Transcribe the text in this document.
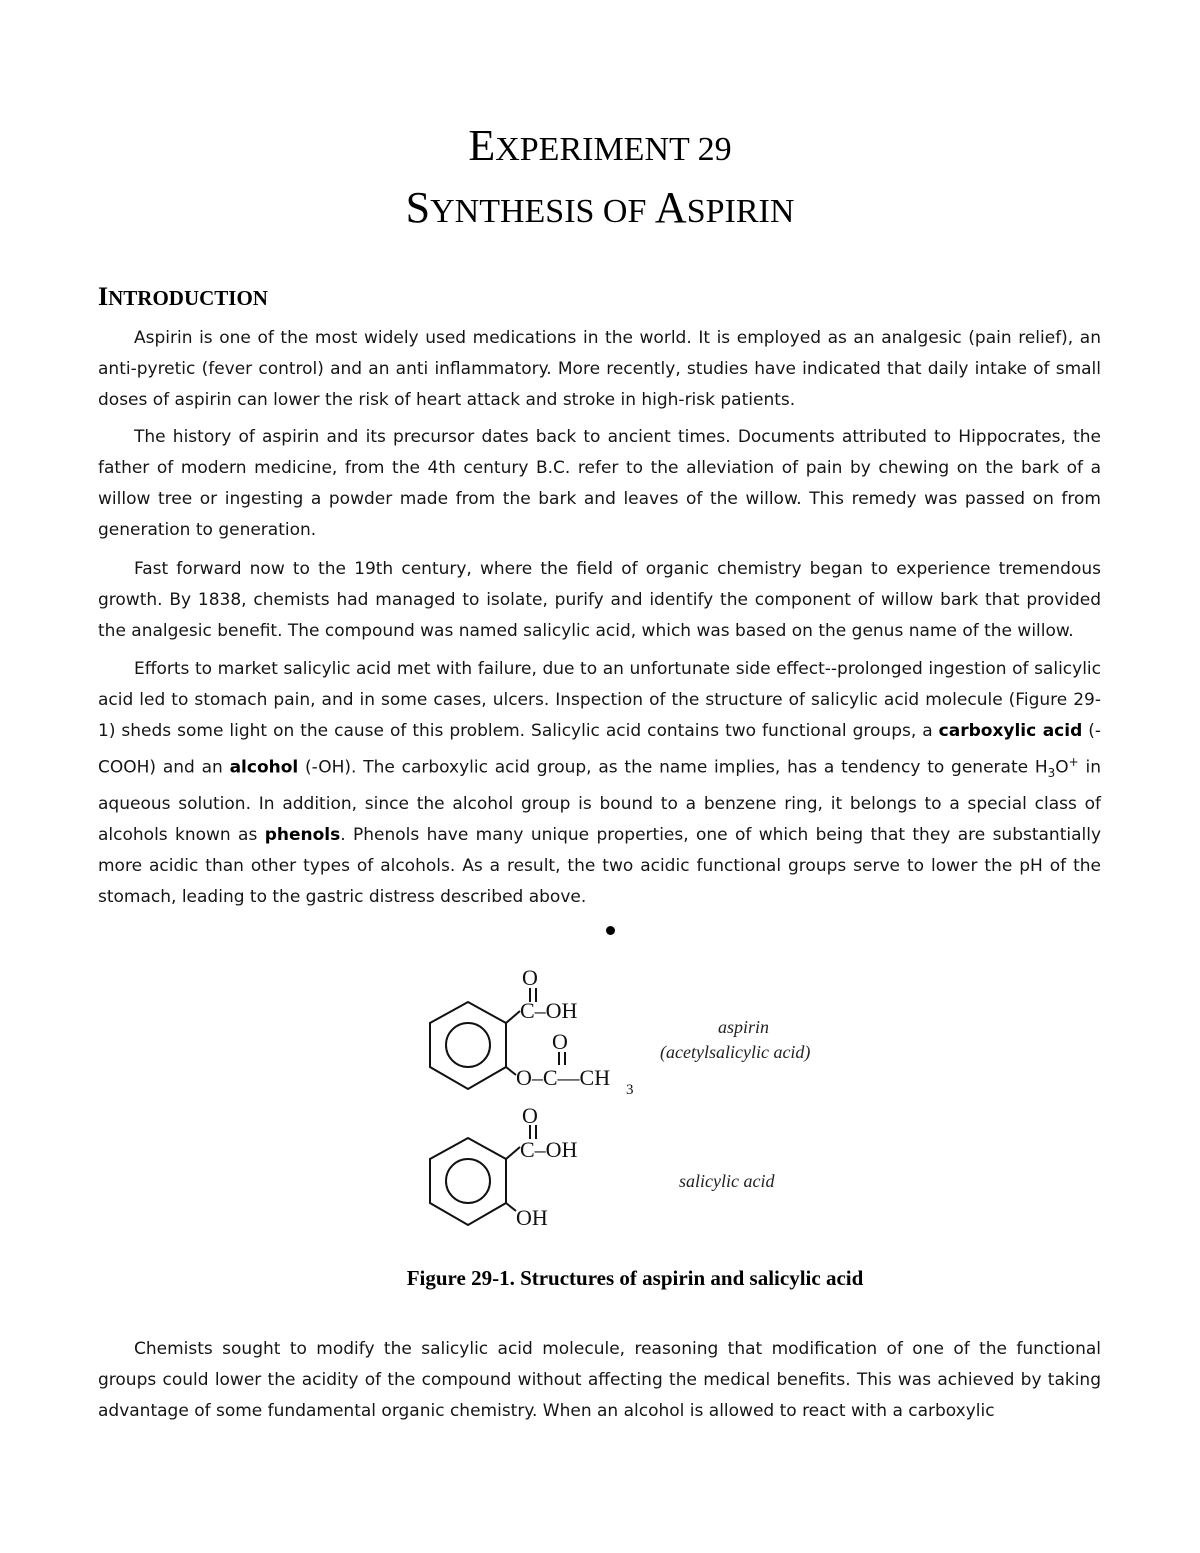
EXPERIMENT 29
SYNTHESIS OF ASPIRIN
INTRODUCTION

Aspirin is one of the most widely used medications in the world. It is employed as an analgesic (pain relief), an anti-pyretic (fever control) and an anti inflammatory. More recently, studies have indicated that daily intake of small doses of aspirin can lower the risk of heart attack and stroke in high-risk patients.

The history of aspirin and its precursor dates back to ancient times. Documents attributed to Hippocrates, the father of modern medicine, from the 4th century B.C. refer to the alleviation of pain by chewing on the bark of a willow tree or ingesting a powder made from the bark and leaves of the willow. This remedy was passed on from generation to generation.

Fast forward now to the 19th century, where the field of organic chemistry began to experience tremendous growth. By 1838, chemists had managed to isolate, purify and identify the component of willow bark that provided the analgesic benefit. The compound was named salicylic acid, which was based on the genus name of the willow.

Efforts to market salicylic acid met with failure, due to an unfortunate side effect--prolonged ingestion of salicylic acid led to stomach pain, and in some cases, ulcers. Inspection of the structure of salicylic acid molecule (Figure 29-1) sheds some light on the cause of this problem. Salicylic acid contains two functional groups, a carboxylic acid (-COOH) and an alcohol (-OH). The carboxylic acid group, as the name implies, has a tendency to generate $H_3O^+$ in aqueous solution. In addition, since the alcohol group is bound to a benzene ring, it belongs to a special class of alcohols known as phenols. Phenols have many unique properties, one of which being that they are substantially more acidic than other types of alcohols. As a result, the two acidic functional groups serve to lower the pH of the stomach, leading to the gastric distress described above.

O
C–OH
O
O–C—CH 3
aspirin
(acetylsalicylic acid)
O
C–OH
OH
salicylic acid

Figure 29-1. Structures of aspirin and salicylic acid

Chemists sought to modify the salicylic acid molecule, reasoning that modification of one of the functional groups could lower the acidity of the compound without affecting the medical benefits. This was achieved by taking advantage of some fundamental organic chemistry. When an alcohol is allowed to react with a carboxylic
